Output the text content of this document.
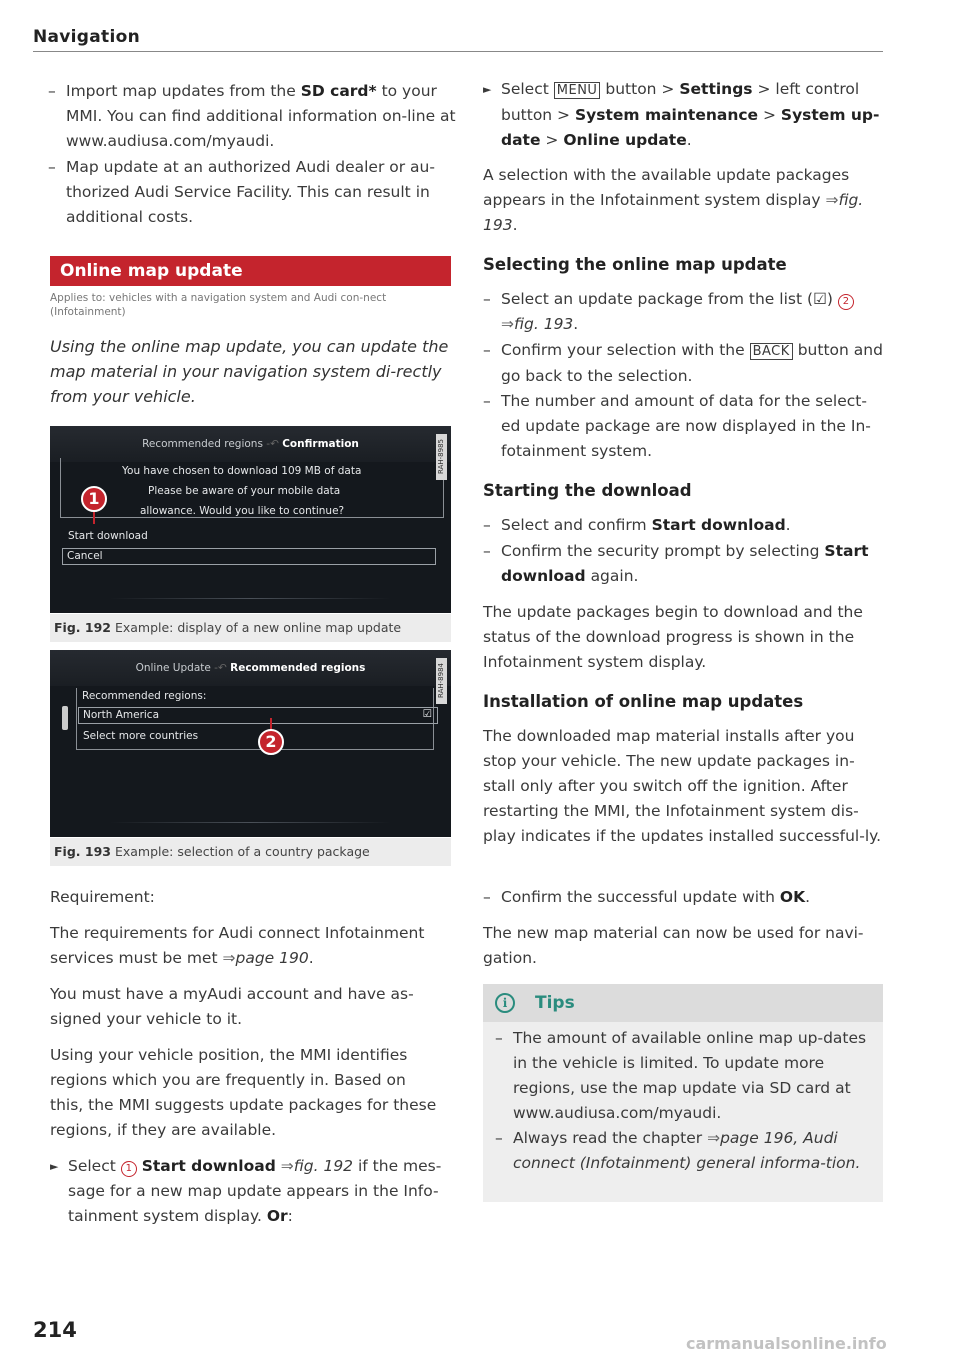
Navigation
– Import map updates from the SD card* to your MMI. You can find additional information on-line at www.audiusa.com/myaudi.
– Map update at an authorized Audi dealer or au-thorized Audi Service Facility. This can result in additional costs.
Online map update
Applies to: vehicles with a navigation system and Audi con-nect (Infotainment)
Using the online map update, you can update the map material in your navigation system di-rectly from your vehicle.
Recommended regions -↶ Confirmation
You have chosen to download 109 MB of data
Please be aware of your mobile data
allowance. Would you like to continue?
Start download
Cancel
RAH-8985
1
Fig. 192 Example: display of a new online map update
Online Update -↶ Recommended regions
Recommended regions:
North America	☑
Select more countries
RAH-8984
2
Fig. 193 Example: selection of a country package
Requirement:
The requirements for Audi connect Infotainment services must be met ⇒page 190.
You must have a myAudi account and have as-signed your vehicle to it.
Using your vehicle position, the MMI identifies regions which you are frequently in. Based on this, the MMI suggests update packages for these regions, if they are available.
► Select 1 Start download ⇒fig. 192 if the mes-sage for a new map update appears in the Info-tainment system display. Or:
214
► Select MENU button > Settings > left control button > System maintenance > System up-date > Online update.
A selection with the available update packages appears in the Infotainment system display ⇒fig. 193.
Selecting the online map update
– Select an update package from the list (☑) 2 ⇒fig. 193.
– Confirm your selection with the BACK button and go back to the selection.
– The number and amount of data for the select-ed update package are now displayed in the In-fotainment system.
Starting the download
– Select and confirm Start download.
– Confirm the security prompt by selecting Start download again.
The update packages begin to download and the status of the download progress is shown in the Infotainment system display.
Installation of online map updates
The downloaded map material installs after you stop your vehicle. The new update packages in-stall only after you switch off the ignition. After restarting the MMI, the Infotainment system dis-play indicates if the updates installed successful-ly.
– Confirm the successful update with OK.
The new map material can now be used for navi-gation.
i	Tips
– The amount of available online map up-dates in the vehicle is limited. To update more regions, use the map update via SD card at www.audiusa.com/myaudi.
– Always read the chapter ⇒page 196, Audi connect (Infotainment) general informa-tion.
carmanualsonline.info
